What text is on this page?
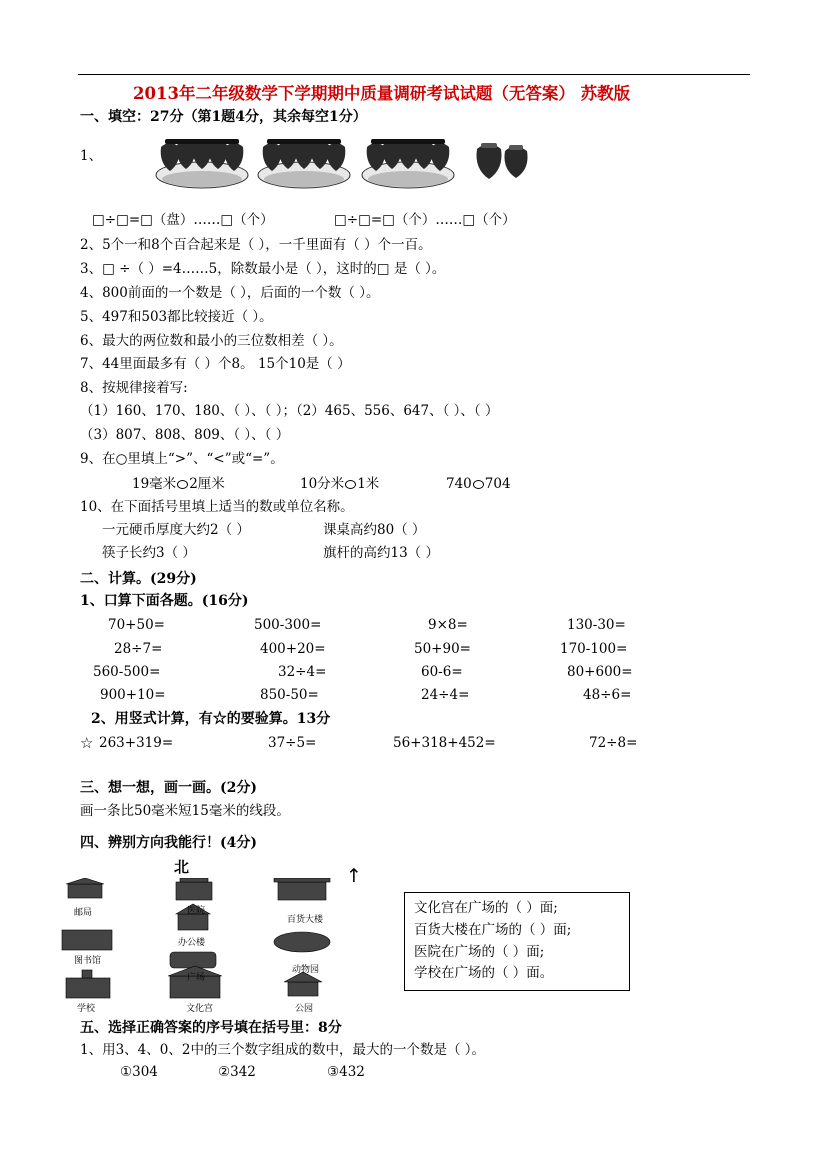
2013年二年级数学下学期期中质量调研考试试题（无答案） 苏教版
一、填空：27分（第1题4分，其余每空1分）
1、
□÷□=□（盘）……□（个）	□÷□=□（个）……□（个）
2、5个一和8个百合起来是（ ），一千里面有（ ）个一百。
3、□ ÷（ ）=4……5，除数最小是（ ），这时的□ 是（ ）。
4、800前面的一个数是（ ），后面的一个数（ ）。
5、497和503都比较接近（ ）。
6、最大的两位数和最小的三位数相差（ ）。
7、44里面最多有（ ）个8。 15个10是（ ）
8、按规律接着写:
（1）160、170、180、（ ）、（ ）；（2）465、556、647、（ ）、（ ）
（3）807、808、809、（ ）、（ ）
9、在○里填上“>”、“<”或“=”。
19毫米 2厘米	10分米 1米	740 704
10、在下面括号里填上适当的数或单位名称。
一元硬币厚度大约2（ ）	课桌高约80（ ）
筷子长约3（ ）	旗杆的高约13（ ）
二、计算。(29分)
1、口算下面各题。(16分)
70+50=	500-300=	9×8=	130-30=
28÷7=	400+20=	50+90=	170-100=
560-500=	32÷4=	60-6=	80+600=
900+10=	850-50=	24÷4=	48÷6=
2、用竖式计算，有☆的要验算。13分
☆ 263+319=	37÷5=	56+318+452=	72÷8=
三、想一想，画一画。(2分)
画一条比50毫米短15毫米的线段。
四、辨别方向我能行！(4分)
北	↑
邮局	医院
百货大楼
办公楼
图书馆
动物园
广场
学校	文化宫	公园
文化宫在广场的（ ）面;
百货大楼在广场的（ ）面;
医院在广场的（ ）面;
学校在广场的（ ）面。
五、选择正确答案的序号填在括号里：8分
1、用3、4、0、2中的三个数字组成的数中，最大的一个数是（ ）。
①304	②342	③432
